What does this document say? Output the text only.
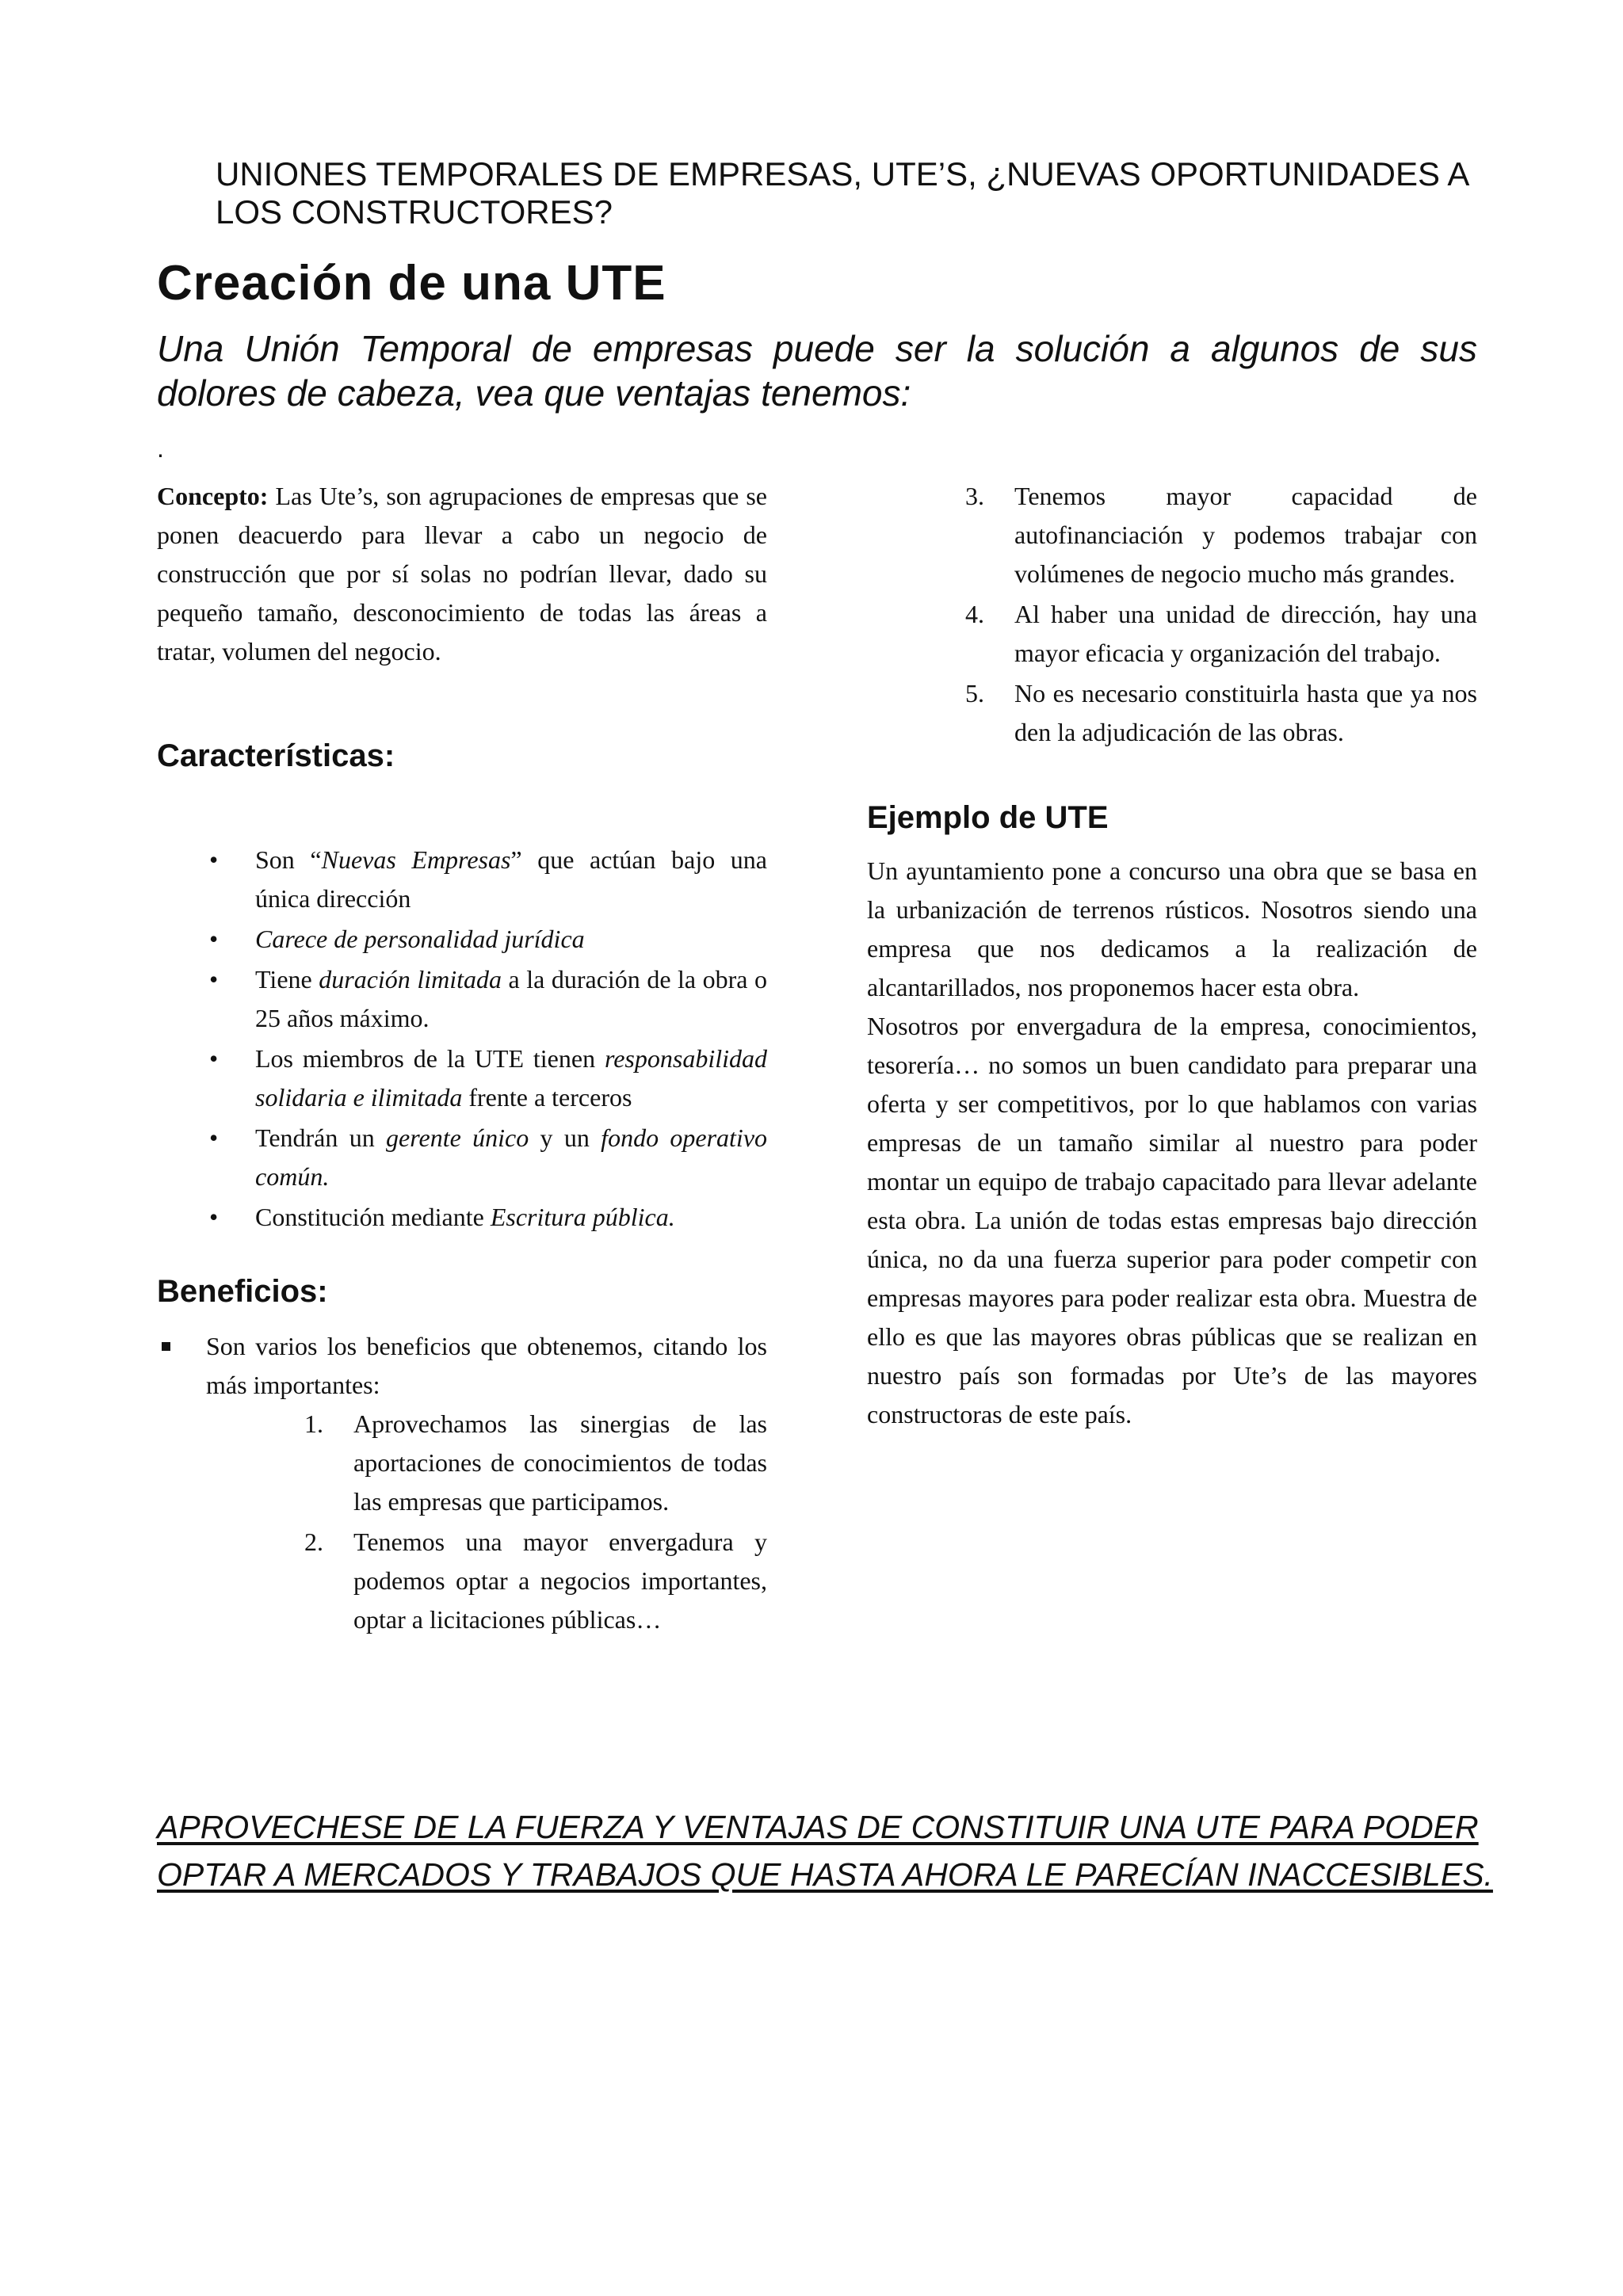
UNIONES TEMPORALES DE EMPRESAS, UTE’S, ¿NUEVAS OPORTUNIDADES A LOS CONSTRUCTORES?
Creación de una UTE
Una Unión Temporal de empresas puede ser la solución a algunos de sus dolores de cabeza, vea que ventajas tenemos:
.

Concepto: Las Ute’s, son agrupaciones de empresas que se ponen deacuerdo para llevar a cabo un negocio de construcción que por sí solas no podrían llevar, dado su pequeño tamaño, desconocimiento de todas las áreas a tratar, volumen del negocio.

Características:
• Son “Nuevas Empresas” que actúan bajo una única dirección
• Carece de personalidad jurídica
• Tiene duración limitada a la duración de la obra o 25 años máximo.
• Los miembros de la UTE tienen responsabilidad solidaria e ilimitada frente a terceros
• Tendrán un gerente único y un fondo operativo común.
• Constitución mediante Escritura pública.
Beneficios:
Son varios los beneficios que obtenemos, citando los más importantes:
1. Aprovechamos las sinergias de las aportaciones de conocimientos de todas las empresas que participamos.
2. Tenemos una mayor envergadura y podemos optar a negocios importantes, optar a licitaciones públicas…
3. Tenemos mayor capacidad de autofinanciación y podemos trabajar con volúmenes de negocio mucho más grandes.
4. Al haber una unidad de dirección, hay una mayor eficacia y organización del trabajo.
5. No es necesario constituirla hasta que ya nos den la adjudicación de las obras.
Ejemplo de UTE

Un ayuntamiento pone a concurso una obra que se basa en la urbanización de terrenos rústicos. Nosotros siendo una empresa que nos dedicamos a la realización de alcantarillados, nos proponemos hacer esta obra.

Nosotros por envergadura de la empresa, conocimientos, tesorería… no somos un buen candidato para preparar una oferta y ser competitivos, por lo que hablamos con varias empresas de un tamaño similar al nuestro para poder montar un equipo de trabajo capacitado para llevar adelante esta obra. La unión de todas estas empresas bajo dirección única, no da una fuerza superior para poder competir con empresas mayores para poder realizar esta obra. Muestra de ello es que las mayores obras públicas que se realizan en nuestro país son formadas por Ute’s de las mayores constructoras de este país.

APROVECHESE DE LA FUERZA Y VENTAJAS DE CONSTITUIR UNA UTE PARA PODER

OPTAR A MERCADOS Y TRABAJOS QUE HASTA AHORA LE PARECÍAN INACCESIBLES.
